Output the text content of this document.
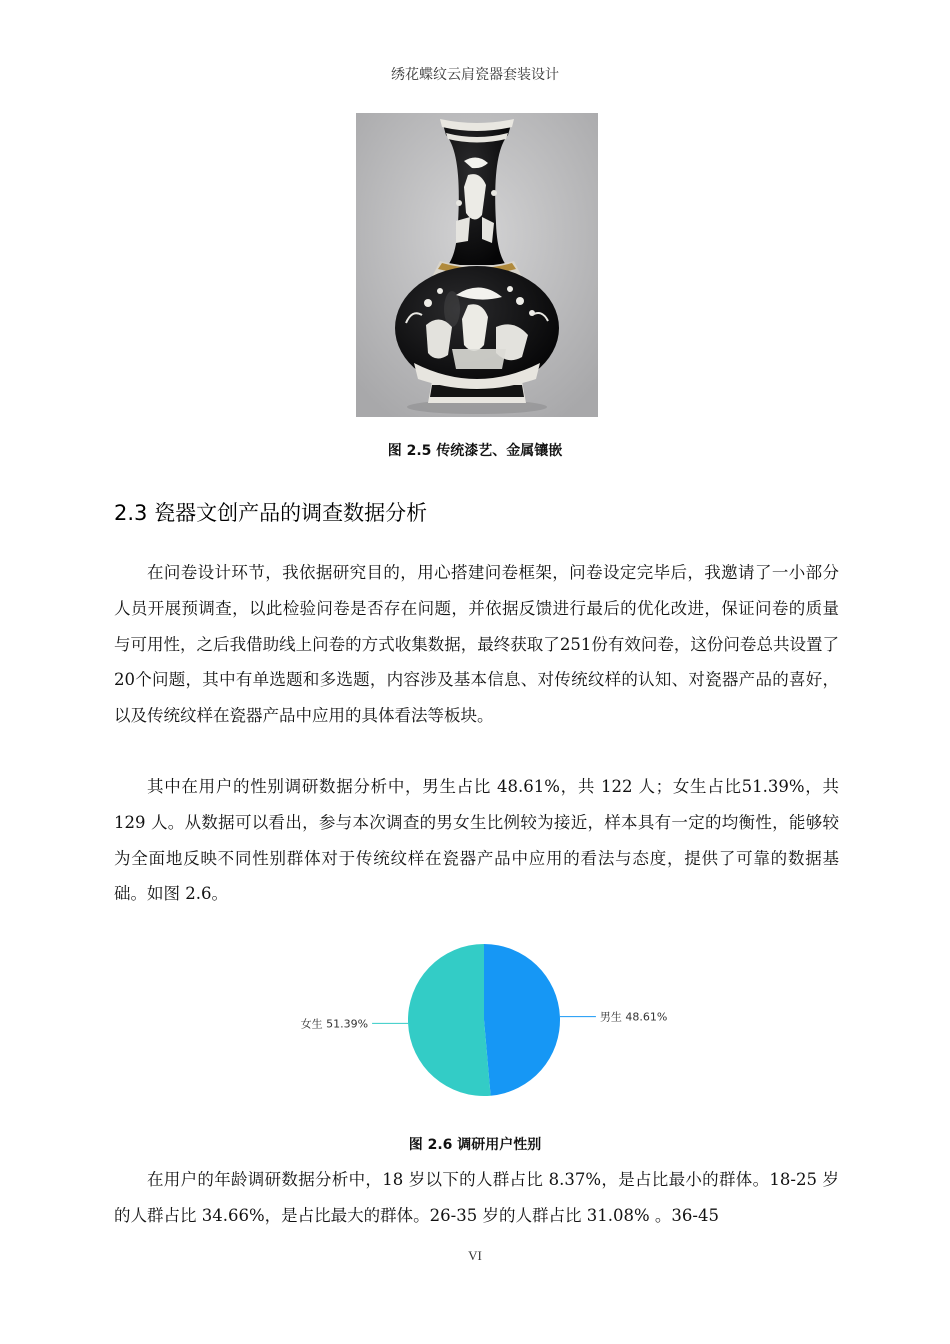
绣花蝶纹云肩瓷器套装设计
图 2.5 传统漆艺、金属镶嵌
2.3 瓷器文创产品的调查数据分析
在问卷设计环节，我依据研究目的，用心搭建问卷框架，问卷设定完毕后，我邀请了一小部分人员开展预调查，以此检验问卷是否存在问题，并依据反馈进行最后的优化改进，保证问卷的质量与可用性，之后我借助线上问卷的方式收集数据，最终获取了251份有效问卷，这份问卷总共设置了20个问题，其中有单选题和多选题，内容涉及基本信息、对传统纹样的认知、对瓷器产品的喜好，以及传统纹样在瓷器产品中应用的具体看法等板块。
其中在用户的性别调研数据分析中，男生占比 48.61%，共 122 人；女生占比51.39%，共 129 人。从数据可以看出，参与本次调查的男女生比例较为接近，样本具有一定的均衡性，能够较为全面地反映不同性别群体对于传统纹样在瓷器产品中应用的看法与态度，提供了可靠的数据基础。如图 2.6。
男生 48.61%
女生 51.39%
图 2.6 调研用户性别
在用户的年龄调研数据分析中，18 岁以下的人群占比 8.37%，是占比最小的群体。18-25 岁的人群占比 34.66%，是占比最大的群体。26-35 岁的人群占比 31.08% 。36-45
VI
